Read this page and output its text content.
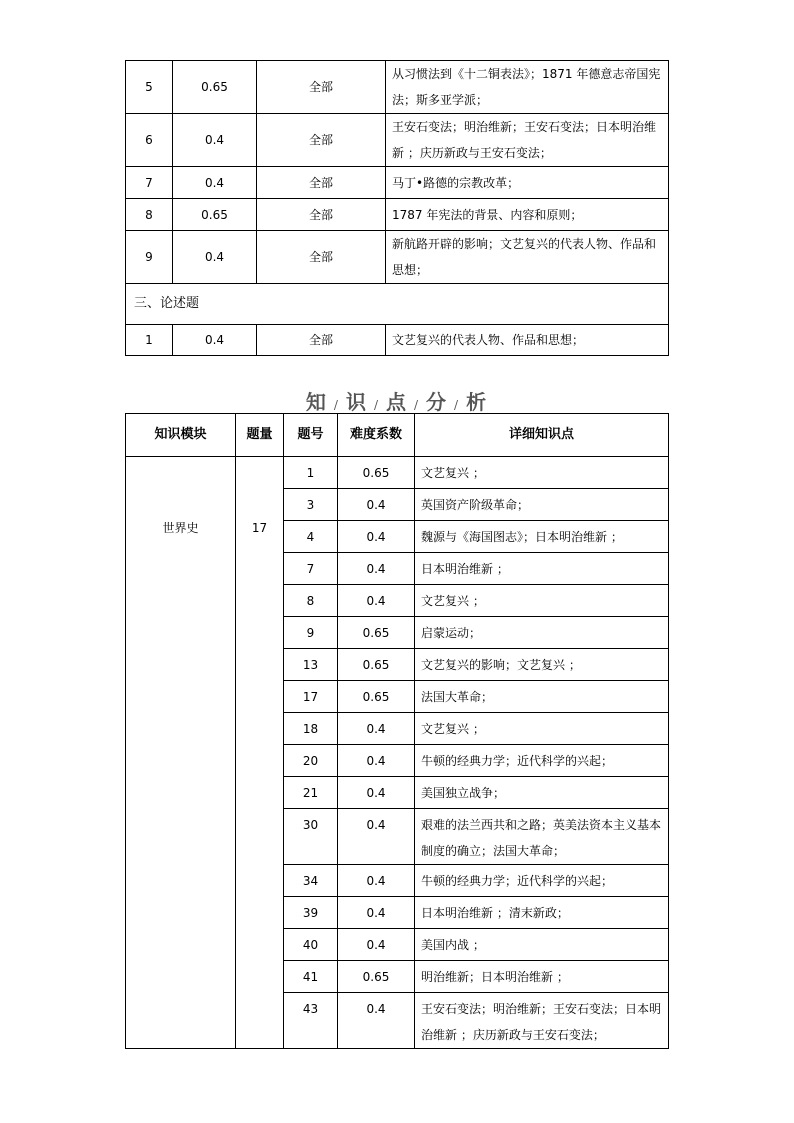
5	0.65	全部	从习惯法到《十二铜表法》；1871 年德意志帝国宪法；斯多亚学派；
6	0.4	全部	王安石变法；明治维新；王安石变法；日本明治维新 ；庆历新政与王安石变法；
7	0.4	全部	马丁•路德的宗教改革；
8	0.65	全部	1787 年宪法的背景、内容和原则；
9	0.4	全部	新航路开辟的影响；文艺复兴的代表人物、作品和思想；
三、论述题			
1	0.4	全部	文艺复兴的代表人物、作品和思想；
知 / 识 / 点 / 分 / 析
知识模块	题量	题号	难度系数	详细知识点
世界史	17	1	0.65	文艺复兴 ；
		3	0.4	英国资产阶级革命；
		4	0.4	魏源与《海国图志》；日本明治维新 ；
		7	0.4	日本明治维新 ；
		8	0.4	文艺复兴 ；
		9	0.65	启蒙运动；
		13	0.65	文艺复兴的影响；文艺复兴 ；
		17	0.65	法国大革命；
		18	0.4	文艺复兴 ；
		20	0.4	牛顿的经典力学；近代科学的兴起；
		21	0.4	美国独立战争；
		30	0.4	艰难的法兰西共和之路；英美法资本主义基本制度的确立；法国大革命；
		34	0.4	牛顿的经典力学；近代科学的兴起；
		39	0.4	日本明治维新 ；清末新政；
		40	0.4	美国内战 ；
		41	0.65	明治维新；日本明治维新 ；
		43	0.4	王安石变法；明治维新；王安石变法；日本明治维新 ；庆历新政与王安石变法；
